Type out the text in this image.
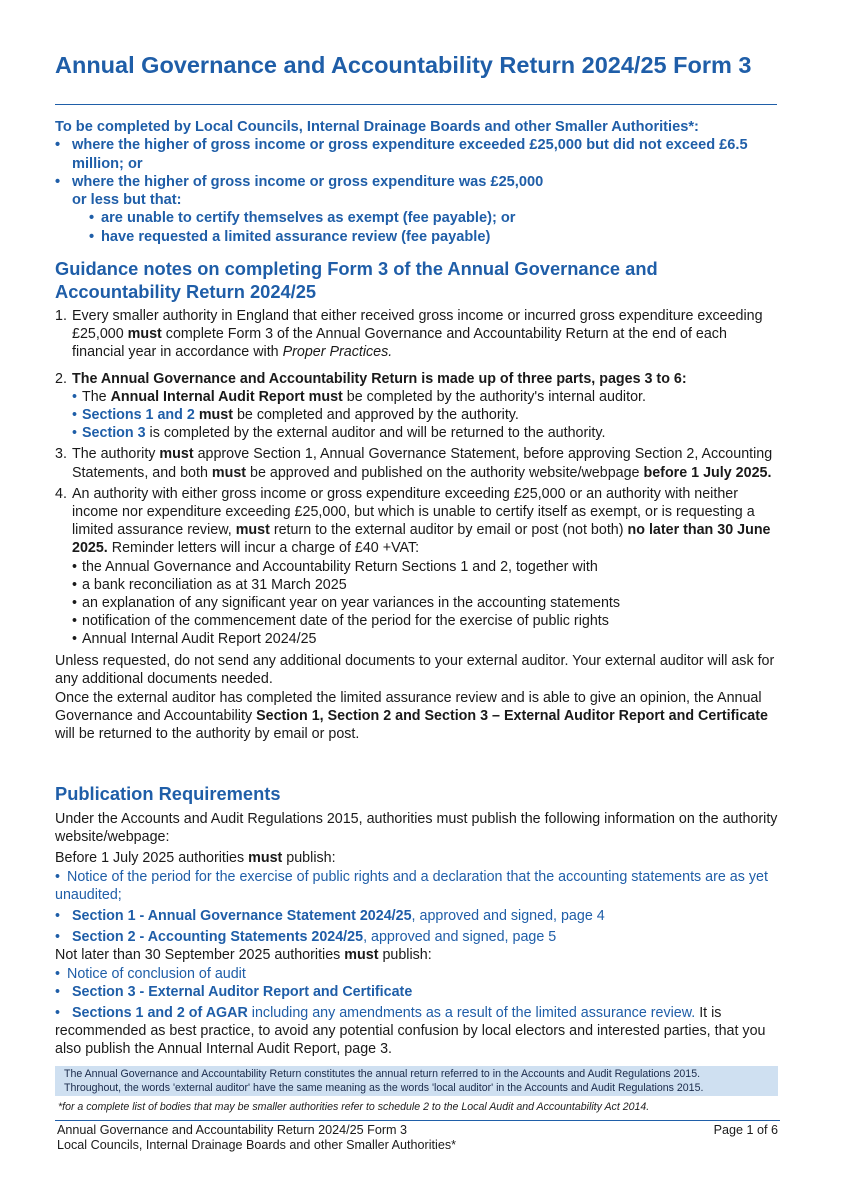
Annual Governance and Accountability Return 2024/25 Form 3
To be completed by Local Councils, Internal Drainage Boards and other Smaller Authorities*:
• where the higher of gross income or gross expenditure exceeded £25,000 but did not exceed £6.5 million; or
• where the higher of gross income or gross expenditure was £25,000
or less but that:
• are unable to certify themselves as exempt (fee payable); or
• have requested a limited assurance review (fee payable)
Guidance notes on completing Form 3 of the Annual Governance and Accountability Return 2024/25
1. Every smaller authority in England that either received gross income or incurred gross expenditure exceeding £25,000 must complete Form 3 of the Annual Governance and Accountability Return at the end of each financial year in accordance with Proper Practices.
2. The Annual Governance and Accountability Return is made up of three parts, pages 3 to 6:
• The Annual Internal Audit Report must be completed by the authority's internal auditor.
• Sections 1 and 2 must be completed and approved by the authority.
• Section 3 is completed by the external auditor and will be returned to the authority.
3. The authority must approve Section 1, Annual Governance Statement, before approving Section 2, Accounting Statements, and both must be approved and published on the authority website/webpage before 1 July 2025.
4. An authority with either gross income or gross expenditure exceeding £25,000 or an authority with neither income nor expenditure exceeding £25,000, but which is unable to certify itself as exempt, or is requesting a limited assurance review, must return to the external auditor by email or post (not both) no later than 30 June 2025. Reminder letters will incur a charge of £40 +VAT:
• the Annual Governance and Accountability Return Sections 1 and 2, together with
• a bank reconciliation as at 31 March 2025
• an explanation of any significant year on year variances in the accounting statements
• notification of the commencement date of the period for the exercise of public rights
• Annual Internal Audit Report 2024/25

Unless requested, do not send any additional documents to your external auditor. Your external auditor will ask for any additional documents needed.

Once the external auditor has completed the limited assurance review and is able to give an opinion, the Annual Governance and Accountability Section 1, Section 2 and Section 3 – External Auditor Report and Certificate will be returned to the authority by email or post.

Publication Requirements

Under the Accounts and Audit Regulations 2015, authorities must publish the following information on the authority website/webpage:

Before 1 July 2025 authorities must publish:

• Notice of the period for the exercise of public rights and a declaration that the accounting statements are as yet unaudited;

• Section 1 - Annual Governance Statement 2024/25, approved and signed, page 4

• Section 2 - Accounting Statements 2024/25, approved and signed, page 5

Not later than 30 September 2025 authorities must publish:

• Notice of conclusion of audit

• Section 3 - External Auditor Report and Certificate

• Sections 1 and 2 of AGAR including any amendments as a result of the limited assurance review. It is recommended as best practice, to avoid any potential confusion by local electors and interested parties, that you also publish the Annual Internal Audit Report, page 3.

The Annual Governance and Accountability Return constitutes the annual return referred to in the Accounts and Audit Regulations 2015.
Throughout, the words 'external auditor' have the same meaning as the words 'local auditor' in the Accounts and Audit Regulations 2015.
*for a complete list of bodies that may be smaller authorities refer to schedule 2 to the Local Audit and Accountability Act 2014.
Annual Governance and Accountability Return 2024/25 Form 3
Local Councils, Internal Drainage Boards and other Smaller Authorities*
Page 1 of 6
